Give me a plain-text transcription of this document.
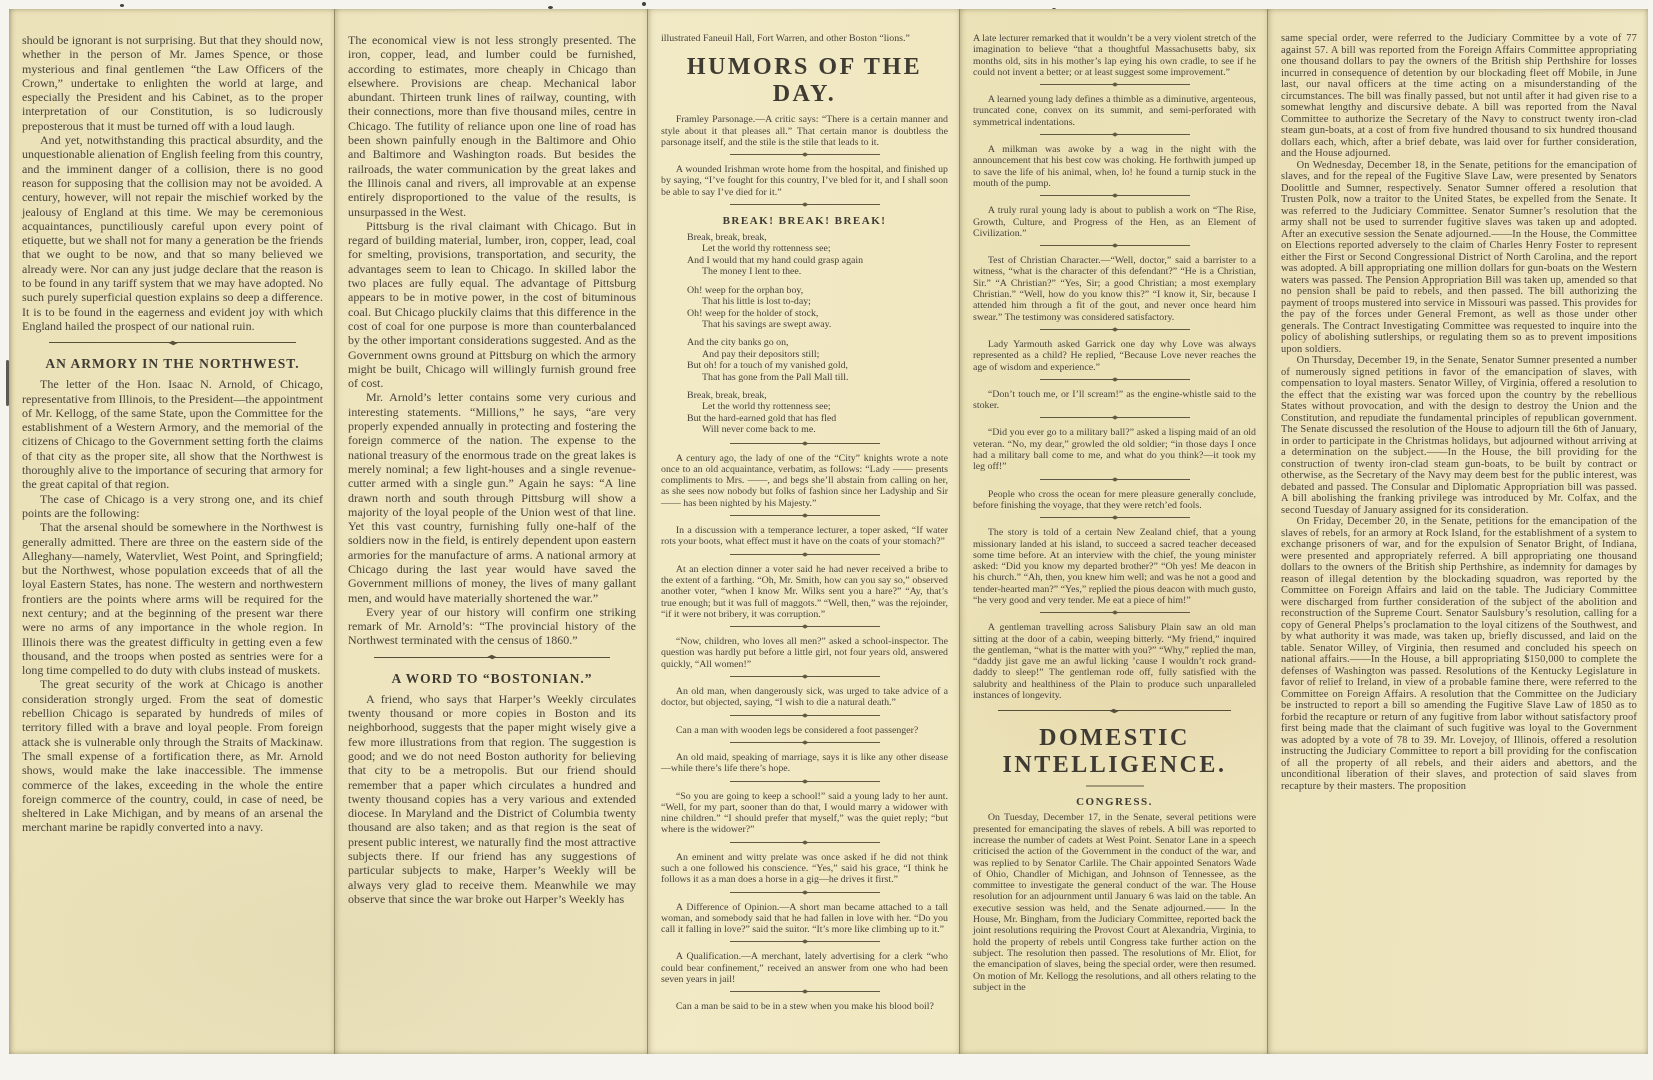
should be ignorant is not surprising. But that they should now, whether in the person of Mr. James Spence, or those mysterious and final gentlemen “the Law Officers of the Crown,” undertake to enlighten the world at large, and especially the President and his Cabinet, as to the proper interpretation of our Constitution, is so ludicrously preposterous that it must be turned off with a loud laugh.

And yet, notwithstanding this practical absurdity, and the unquestionable alienation of English feeling from this country, and the imminent danger of a collision, there is no good reason for supposing that the collision may not be avoided. A century, however, will not repair the mischief worked by the jealousy of England at this time. We may be ceremonious acquaintances, punctiliously careful upon every point of etiquette, but we shall not for many a generation be the friends that we ought to be now, and that so many believed we already were. Nor can any just judge declare that the reason is to be found in any tariff system that we may have adopted. No such purely superficial question explains so deep a difference. It is to be found in the eagerness and evident joy with which England hailed the prospect of our national ruin.

AN ARMORY IN THE NORTHWEST.

The letter of the Hon. Isaac N. Arnold, of Chicago, representative from Illinois, to the President—the appointment of Mr. Kellogg, of the same State, upon the Committee for the establishment of a Western Armory, and the memorial of the citizens of Chicago to the Government setting forth the claims of that city as the proper site, all show that the Northwest is thoroughly alive to the importance of securing that armory for the great capital of that region.

The case of Chicago is a very strong one, and its chief points are the following:

That the arsenal should be somewhere in the Northwest is generally admitted. There are three on the eastern side of the Alleghany—namely, Watervliet, West Point, and Springfield; but the Northwest, whose population exceeds that of all the loyal Eastern States, has none. The western and northwestern frontiers are the points where arms will be required for the next century; and at the beginning of the present war there were no arms of any importance in the whole region. In Illinois there was the greatest difficulty in getting even a few thousand, and the troops when posted as sentries were for a long time compelled to do duty with clubs instead of muskets.

The great security of the work at Chicago is another consideration strongly urged. From the seat of domestic rebellion Chicago is separated by hundreds of miles of territory filled with a brave and loyal people. From foreign attack she is vulnerable only through the Straits of Mackinaw. The small expense of a fortification there, as Mr. Arnold shows, would make the lake inaccessible. The immense commerce of the lakes, exceeding in the whole the entire foreign commerce of the country, could, in case of need, be sheltered in Lake Michigan, and by means of an arsenal the merchant marine be rapidly converted into a navy.

The economical view is not less strongly presented. The iron, copper, lead, and lumber could be furnished, according to estimates, more cheaply in Chicago than elsewhere. Provisions are cheap. Mechanical labor abundant. Thirteen trunk lines of railway, counting, with their connections, more than five thousand miles, centre in Chicago. The futility of reliance upon one line of road has been shown painfully enough in the Baltimore and Ohio and Baltimore and Washington roads. But besides the railroads, the water communication by the great lakes and the Illinois canal and rivers, all improvable at an expense entirely disproportioned to the value of the results, is unsurpassed in the West.

Pittsburg is the rival claimant with Chicago. But in regard of building material, lumber, iron, copper, lead, coal for smelting, provisions, transportation, and security, the advantages seem to lean to Chicago. In skilled labor the two places are fully equal. The advantage of Pittsburg appears to be in motive power, in the cost of bituminous coal. But Chicago pluckily claims that this difference in the cost of coal for one purpose is more than counterbalanced by the other important considerations suggested. And as the Government owns ground at Pittsburg on which the armory might be built, Chicago will willingly furnish ground free of cost.

Mr. Arnold’s letter contains some very curious and interesting statements. “Millions,” he says, “are very properly expended annually in protecting and fostering the foreign commerce of the nation. The expense to the national treasury of the enormous trade on the great lakes is merely nominal; a few light-houses and a single revenue-cutter armed with a single gun.” Again he says: “A line drawn north and south through Pittsburg will show a majority of the loyal people of the Union west of that line. Yet this vast country, furnishing fully one-half of the soldiers now in the field, is entirely dependent upon eastern armories for the manufacture of arms. A national armory at Chicago during the last year would have saved the Government millions of money, the lives of many gallant men, and would have materially shortened the war.”

Every year of our history will confirm one striking remark of Mr. Arnold’s: “The provincial history of the Northwest terminated with the census of 1860.”

A WORD TO “BOSTONIAN.”

A friend, who says that Harper’s Weekly circulates twenty thousand or more copies in Boston and its neighborhood, suggests that the paper might wisely give a few more illustrations from that region. The suggestion is good; and we do not need Boston authority for believing that city to be a metropolis. But our friend should remember that a paper which circulates a hundred and twenty thousand copies has a very various and extended diocese. In Maryland and the District of Columbia twenty thousand are also taken; and as that region is the seat of present public interest, we naturally find the most attractive subjects there. If our friend has any suggestions of particular subjects to make, Harper’s Weekly will be always very glad to receive them. Meanwhile we may observe that since the war broke out Harper’s Weekly has

illustrated Faneuil Hall, Fort Warren, and other Boston “lions.”

HUMORS OF THE DAY.

Framley Parsonage.—A critic says: “There is a certain manner and style about it that pleases all.” That certain manor is doubtless the parsonage itself, and the stile is the stile that leads to it.

A wounded Irishman wrote home from the hospital, and finished up by saying, “I’ve fought for this country, I’ve bled for it, and I shall soon be able to say I’ve died for it.”

BREAK! BREAK! BREAK!
Break, break, break,
Let the world thy rottenness see;
And I would that my hand could grasp again
The money I lent to thee.
Oh! weep for the orphan boy,
That his little is lost to-day;
Oh! weep for the holder of stock,
That his savings are swept away.
And the city banks go on,
And pay their depositors still;
But oh! for a touch of my vanished gold,
That has gone from the Pall Mall till.
Break, break, break,
Let the world thy rottenness see;
But the hard-earned gold that has fled
Will never come back to me.

A century ago, the lady of one of the “City” knights wrote a note once to an old acquaintance, verbatim, as follows: “Lady —— presents compliments to Mrs. ——, and begs she’ll abstain from calling on her, as she sees now nobody but folks of fashion since her Ladyship and Sir —— has been nighted by his Majesty.”

In a discussion with a temperance lecturer, a toper asked, “If water rots your boots, what effect must it have on the coats of your stomach?”

At an election dinner a voter said he had never received a bribe to the extent of a farthing. “Oh, Mr. Smith, how can you say so,” observed another voter, “when I know Mr. Wilks sent you a hare?” “Ay, that’s true enough; but it was full of maggots.” “Well, then,” was the rejoinder, “if it were not bribery, it was corruption.”

“Now, children, who loves all men?” asked a school-inspector. The question was hardly put before a little girl, not four years old, answered quickly, “All women!”

An old man, when dangerously sick, was urged to take advice of a doctor, but objected, saying, “I wish to die a natural death.”

Can a man with wooden legs be considered a foot passenger?

An old maid, speaking of marriage, says it is like any other disease—while there’s life there’s hope.

“So you are going to keep a school!” said a young lady to her aunt. “Well, for my part, sooner than do that, I would marry a widower with nine children.” “I should prefer that myself,” was the quiet reply; “but where is the widower?”

An eminent and witty prelate was once asked if he did not think such a one followed his conscience. “Yes,” said his grace, “I think he follows it as a man does a horse in a gig—he drives it first.”

A Difference of Opinion.—A short man became attached to a tall woman, and somebody said that he had fallen in love with her. “Do you call it falling in love?” said the suitor. “It’s more like climbing up to it.”

A Qualification.—A merchant, lately advertising for a clerk “who could bear confinement,” received an answer from one who had been seven years in jail!

Can a man be said to be in a stew when you make his blood boil?

A late lecturer remarked that it wouldn’t be a very violent stretch of the imagination to believe “that a thoughtful Massachusetts baby, six months old, sits in his mother’s lap eying his own cradle, to see if he could not invent a better; or at least suggest some improvement.”

A learned young lady defines a thimble as a diminutive, argenteous, truncated cone, convex on its summit, and semi-perforated with symmetrical indentations.

A milkman was awoke by a wag in the night with the announcement that his best cow was choking. He forthwith jumped up to save the life of his animal, when, lo! he found a turnip stuck in the mouth of the pump.

A truly rural young lady is about to publish a work on “The Rise, Growth, Culture, and Progress of the Hen, as an Element of Civilization.”

Test of Christian Character.—“Well, doctor,” said a barrister to a witness, “what is the character of this defendant?” “He is a Christian, Sir.” “A Christian?” “Yes, Sir; a good Christian; a most exemplary Christian.” “Well, how do you know this?” “I know it, Sir, because I attended him through a fit of the gout, and never once heard him swear.” The testimony was considered satisfactory.

Lady Yarmouth asked Garrick one day why Love was always represented as a child? He replied, “Because Love never reaches the age of wisdom and experience.”

“Don’t touch me, or I’ll scream!” as the engine-whistle said to the stoker.

“Did you ever go to a military ball?” asked a lisping maid of an old veteran. “No, my dear,” growled the old soldier; “in those days I once had a military ball come to me, and what do you think?—it took my leg off!”

People who cross the ocean for mere pleasure generally conclude, before finishing the voyage, that they were retch’ed fools.

The story is told of a certain New Zealand chief, that a young missionary landed at his island, to succeed a sacred teacher deceased some time before. At an interview with the chief, the young minister asked: “Did you know my departed brother?” “Oh yes! Me deacon in his church.” “Ah, then, you knew him well; and was he not a good and tender-hearted man?” “Yes,” replied the pious deacon with much gusto, “he very good and very tender. Me eat a piece of him!”

A gentleman travelling across Salisbury Plain saw an old man sitting at the door of a cabin, weeping bitterly. “My friend,” inquired the gentleman, “what is the matter with you?” “Why,” replied the man, “daddy jist gave me an awful licking ’cause I wouldn’t rock grand-daddy to sleep!” The gentleman rode off, fully satisfied with the salubrity and healthiness of the Plain to produce such unparalleled instances of longevity.

DOMESTIC INTELLIGENCE.
CONGRESS.

On Tuesday, December 17, in the Senate, several petitions were presented for emancipating the slaves of rebels. A bill was reported to increase the number of cadets at West Point. Senator Lane in a speech criticised the action of the Government in the conduct of the war, and was replied to by Senator Carlile. The Chair appointed Senators Wade of Ohio, Chandler of Michigan, and Johnson of Tennessee, as the committee to investigate the general conduct of the war. The House resolution for an adjournment until January 6 was laid on the table. An executive session was held, and the Senate adjourned.—— In the House, Mr. Bingham, from the Judiciary Committee, reported back the joint resolutions requiring the Provost Court at Alexandria, Virginia, to hold the property of rebels until Congress take further action on the subject. The resolution then passed. The resolutions of Mr. Eliot, for the emancipation of slaves, being the special order, were then resumed. On motion of Mr. Kellogg the resolutions, and all others relating to the subject in the

same special order, were referred to the Judiciary Committee by a vote of 77 against 57. A bill was reported from the Foreign Affairs Committee appropriating one thousand dollars to pay the owners of the British ship Perthshire for losses incurred in consequence of detention by our blockading fleet off Mobile, in June last, our naval officers at the time acting on a misunderstanding of the circumstances. The bill was finally passed, but not until after it had given rise to a somewhat lengthy and discursive debate. A bill was reported from the Naval Committee to authorize the Secretary of the Navy to construct twenty iron-clad steam gun-boats, at a cost of from five hundred thousand to six hundred thousand dollars each, which, after a brief debate, was laid over for further consideration, and the House adjourned.

On Wednesday, December 18, in the Senate, petitions for the emancipation of slaves, and for the repeal of the Fugitive Slave Law, were presented by Senators Doolittle and Sumner, respectively. Senator Sumner offered a resolution that Trusten Polk, now a traitor to the United States, be expelled from the Senate. It was referred to the Judiciary Committee. Senator Sumner’s resolution that the army shall not be used to surrender fugitive slaves was taken up and adopted. After an executive session the Senate adjourned.——In the House, the Committee on Elections reported adversely to the claim of Charles Henry Foster to represent either the First or Second Congressional District of North Carolina, and the report was adopted. A bill appropriating one million dollars for gun-boats on the Western waters was passed. The Pension Appropriation Bill was taken up, amended so that no pension shall be paid to rebels, and then passed. The bill authorizing the payment of troops mustered into service in Missouri was passed. This provides for the pay of the forces under General Fremont, as well as those under other generals. The Contract Investigating Committee was requested to inquire into the policy of abolishing sutlerships, or regulating them so as to prevent impositions upon soldiers.

On Thursday, December 19, in the Senate, Senator Sumner presented a number of numerously signed petitions in favor of the emancipation of slaves, with compensation to loyal masters. Senator Willey, of Virginia, offered a resolution to the effect that the existing war was forced upon the country by the rebellious States without provocation, and with the design to destroy the Union and the Constitution, and repudiate the fundamental principles of republican government. The Senate discussed the resolution of the House to adjourn till the 6th of January, in order to participate in the Christmas holidays, but adjourned without arriving at a determination on the subject.——In the House, the bill providing for the construction of twenty iron-clad steam gun-boats, to be built by contract or otherwise, as the Secretary of the Navy may deem best for the public interest, was debated and passed. The Consular and Diplomatic Appropriation bill was passed. A bill abolishing the franking privilege was introduced by Mr. Colfax, and the second Tuesday of January assigned for its consideration.

On Friday, December 20, in the Senate, petitions for the emancipation of the slaves of rebels, for an armory at Rock Island, for the establishment of a system to exchange prisoners of war, and for the expulsion of Senator Bright, of Indiana, were presented and appropriately referred. A bill appropriating one thousand dollars to the owners of the British ship Perthshire, as indemnity for damages by reason of illegal detention by the blockading squadron, was reported by the Committee on Foreign Affairs and laid on the table. The Judiciary Committee were discharged from further consideration of the subject of the abolition and reconstruction of the Supreme Court. Senator Saulsbury’s resolution, calling for a copy of General Phelps’s proclamation to the loyal citizens of the Southwest, and by what authority it was made, was taken up, briefly discussed, and laid on the table. Senator Willey, of Virginia, then resumed and concluded his speech on national affairs.——In the House, a bill appropriating $150,000 to complete the defenses of Washington was passed. Resolutions of the Kentucky Legislature in favor of relief to Ireland, in view of a probable famine there, were referred to the Committee on Foreign Affairs. A resolution that the Committee on the Judiciary be instructed to report a bill so amending the Fugitive Slave Law of 1850 as to forbid the recapture or return of any fugitive from labor without satisfactory proof first being made that the claimant of such fugitive was loyal to the Government was adopted by a vote of 78 to 39. Mr. Lovejoy, of Illinois, offered a resolution instructing the Judiciary Committee to report a bill providing for the confiscation of all the property of all rebels, and their aiders and abettors, and the unconditional liberation of their slaves, and protection of said slaves from recapture by their masters. The proposition
